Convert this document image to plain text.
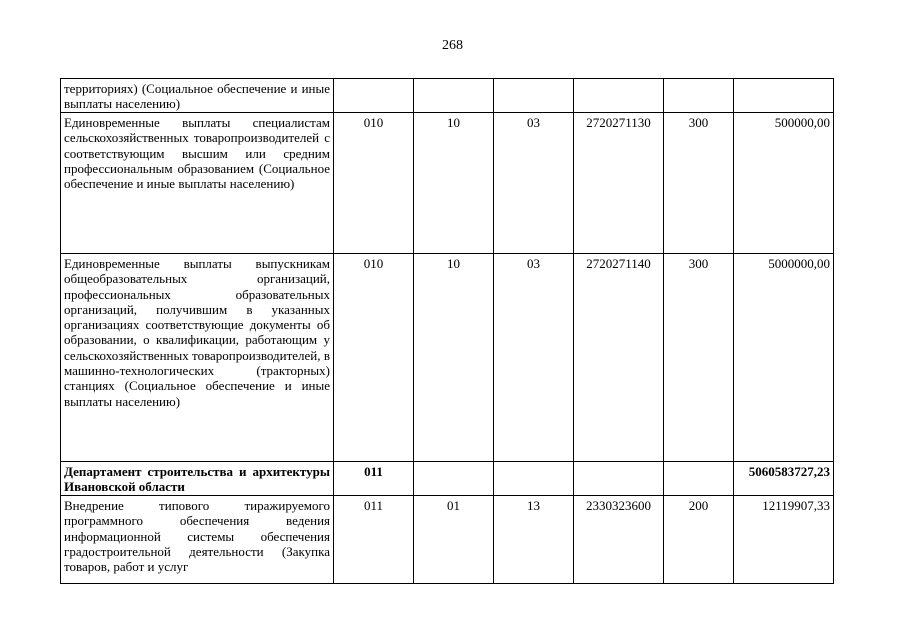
268
территориях) (Социальное обеспечение и иные выплаты населению)						
Единовременные выплаты специалистам сельскохозяйственных товаропроизводителей с соответствующим высшим или средним профессиональным образованием (Социальное обеспечение и иные выплаты населению)	010	10	03	2720271130	300	500000,00
Единовременные выплаты выпускникам общеобразовательных организаций, профессиональных образовательных организаций, получившим в указанных организациях соответствующие документы об образовании, о квалификации, работающим у сельскохозяйственных товаропроизводителей, в машинно-технологических (тракторных) станциях (Социальное обеспечение и иные выплаты населению)	010	10	03	2720271140	300	5000000,00
Департамент строительства и архитектуры Ивановской области	011					5060583727,23
Внедрение типового тиражируемого программного обеспечения ведения информационной системы обеспечения градостроительной деятельности (Закупка товаров, работ и услуг	011	01	13	2330323600	200	12119907,33
